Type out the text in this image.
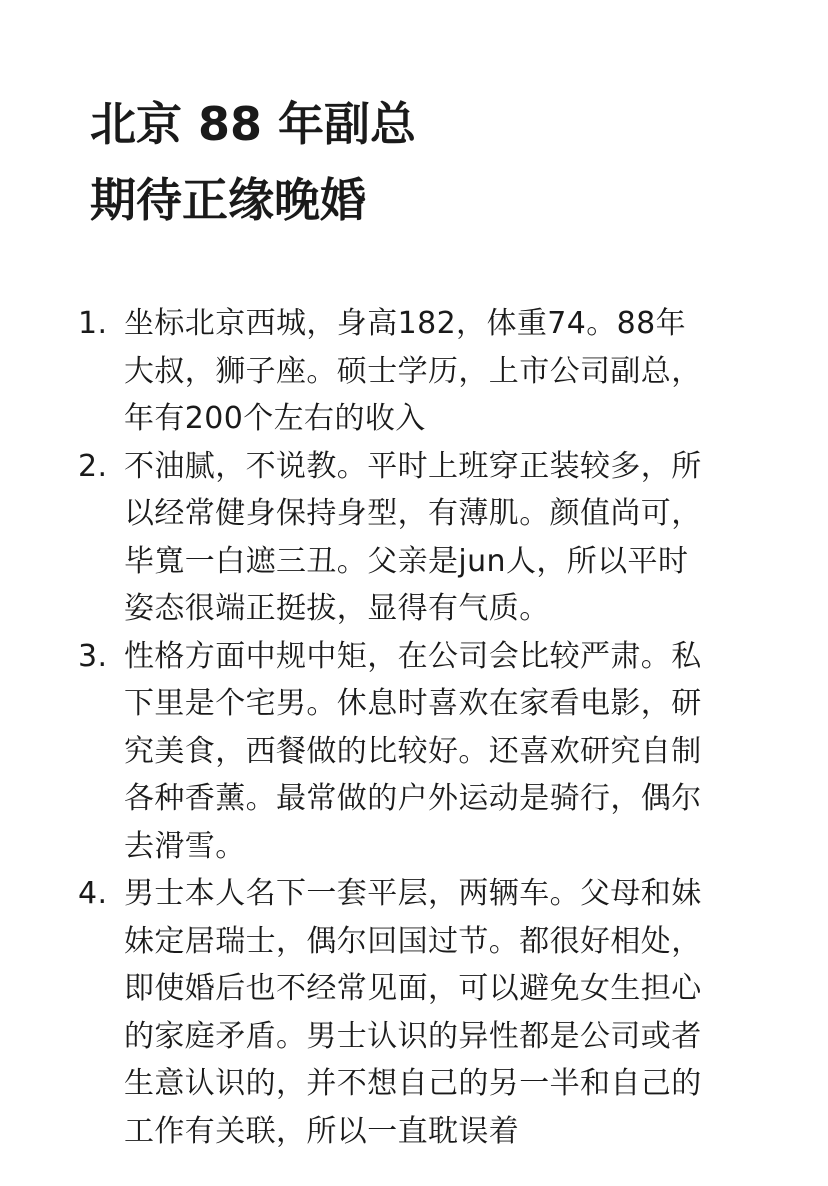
北京 88 年副总
期待正缘晚婚
1. 坐标北京西城，身高182，体重74。88年
大叔，狮子座。硕士学历，上市公司副总，
年有200个左右的收入
2. 不油腻，不说教。平时上班穿正装较多，所
以经常健身保持身型，有薄肌。颜值尚可，
毕寬一白遮三丑。父亲是jun人，所以平时
姿态很端正挺拔，显得有气质。
3. 性格方面中规中矩，在公司会比较严肃。私
下里是个宅男。休息时喜欢在家看电影，研
究美食，西餐做的比较好。还喜欢研究自制
各种香薰。最常做的户外运动是骑行，偶尔
去滑雪。
4. 男士本人名下一套平层，两辆车。父母和妹
妹定居瑞士，偶尔回国过节。都很好相处，
即使婚后也不经常见面，可以避免女生担心
的家庭矛盾。男士认识的异性都是公司或者
生意认识的，并不想自己的另一半和自己的
工作有关联，所以一直耽误着
